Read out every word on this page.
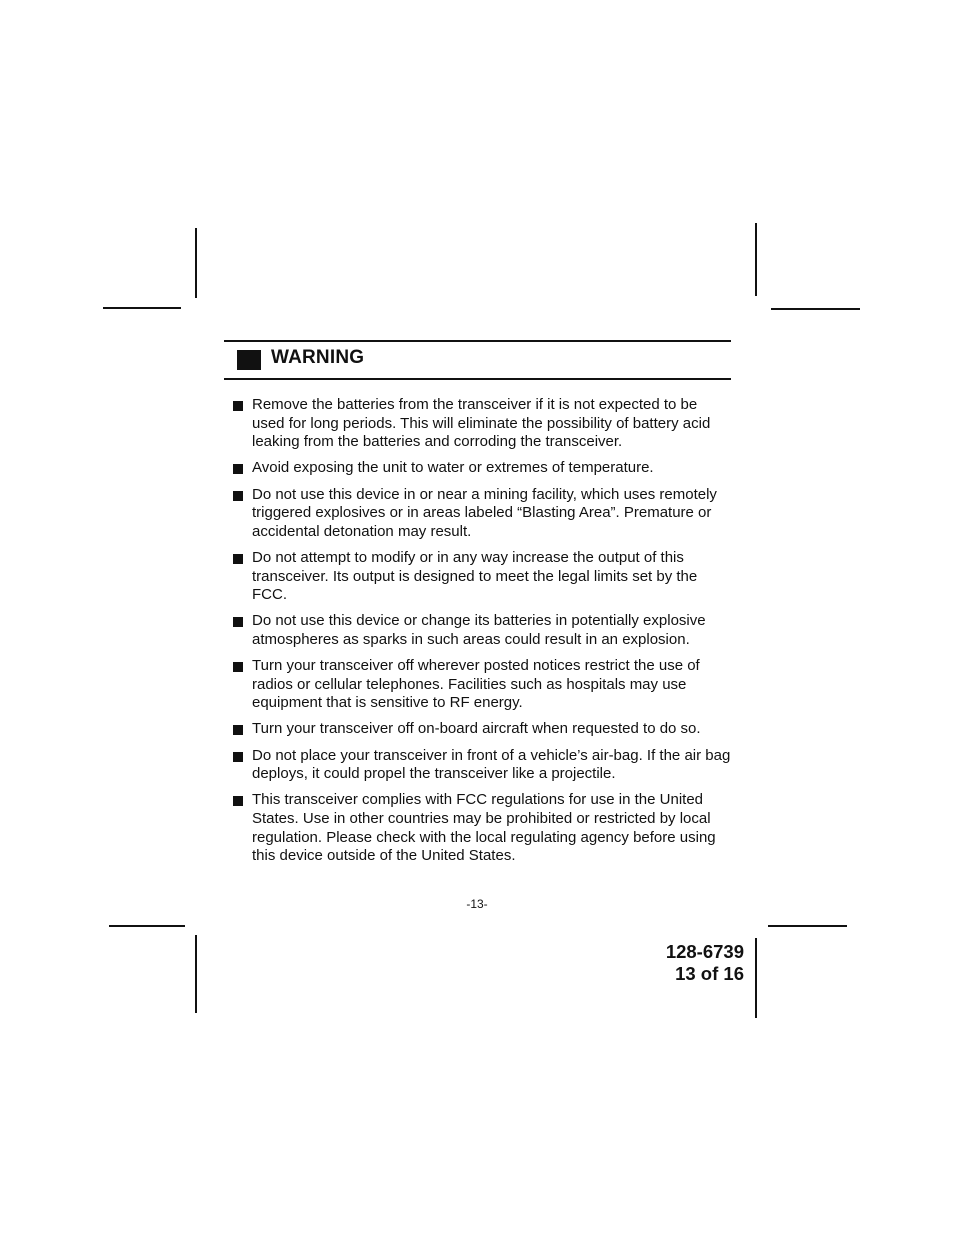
WARNING
Remove the batteries from the transceiver if it is not expected to be used for long periods. This will eliminate the possibility of battery acid leaking from the batteries and corroding the transceiver.
Avoid exposing the unit to water or extremes of temperature.
Do not use this device in or near a mining facility, which uses remotely triggered explosives or in areas labeled “Blasting Area”. Premature or accidental detonation may result.
Do not attempt to modify or in any way increase the output of this transceiver. Its output is designed to meet the legal limits set by the FCC.
Do not use this device or change its batteries in potentially explosive atmospheres as sparks in such areas could result in an explosion.
Turn your transceiver off wherever posted notices restrict the use of radios or cellular telephones. Facilities such as hospitals may use equipment that is sensitive to RF energy.
Turn your transceiver off on-board aircraft when requested to do so.
Do not place your transceiver in front of a vehicle’s air-bag. If the air bag deploys, it could propel the transceiver like a projectile.
This transceiver complies with FCC regulations for use in the United States. Use in other countries may be prohibited or restricted by local regulation. Please check with the local regulating agency before using this device outside of the United States.
-13-
128-6739
13 of 16
